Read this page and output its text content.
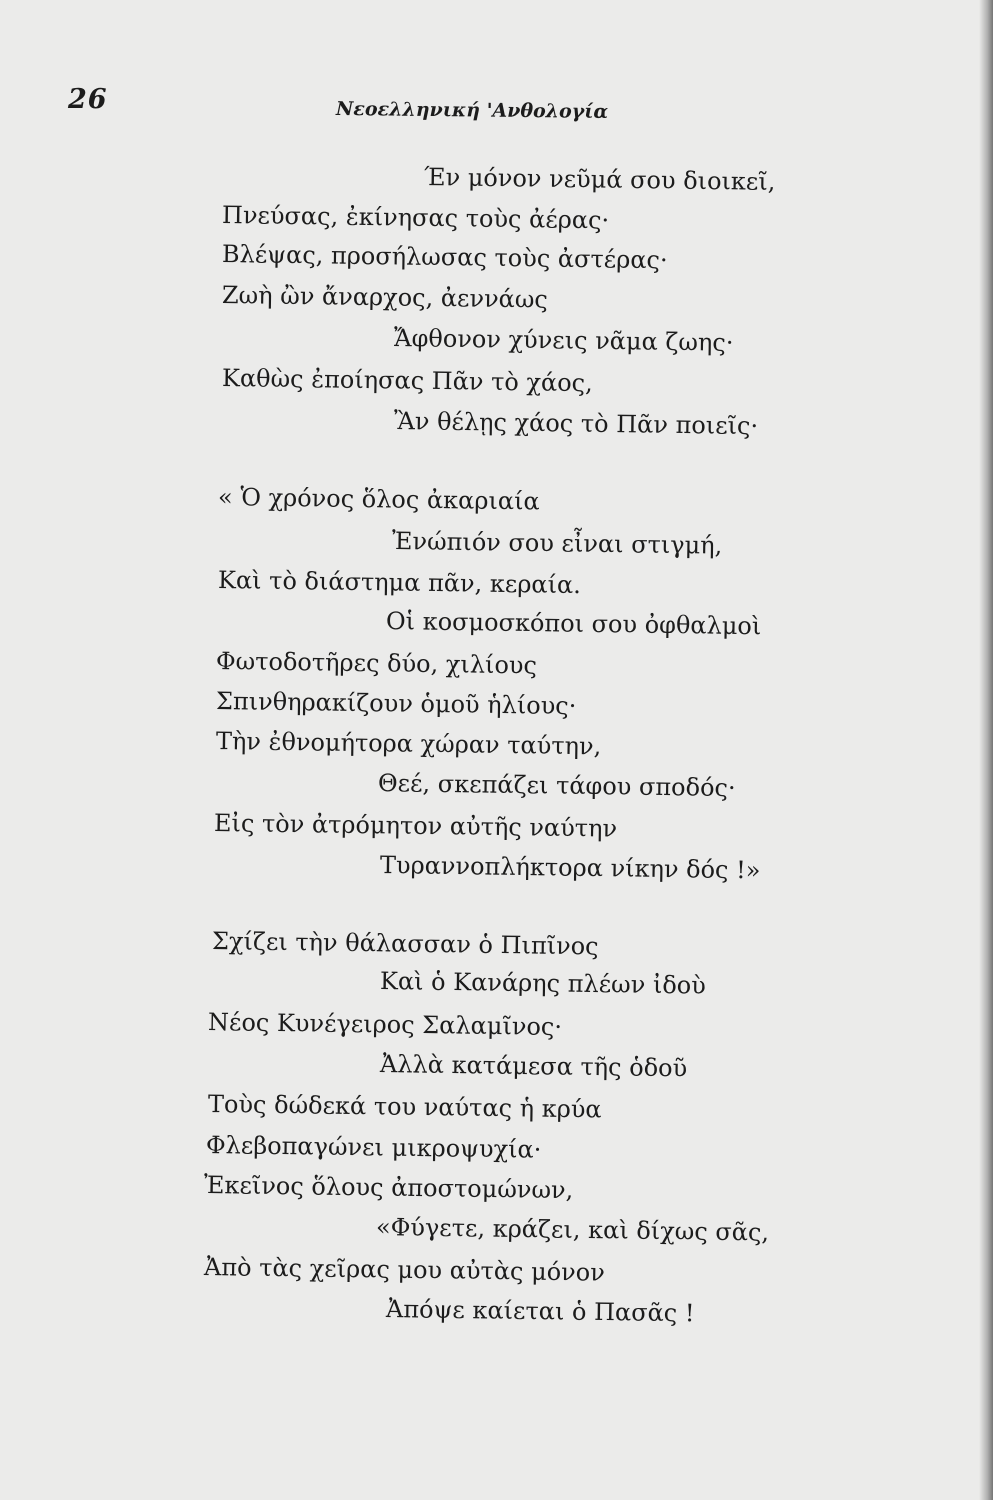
26	Νεοελληνική 'Ανθολογία
Έν μόνον νεῦμά σου διοικεῖ,
Πνεύσας, ἐκίνησας τοὺς ἀέρας·
Βλέψας, προσήλωσας τοὺς ἀστέρας·
Ζωὴ ὢν ἄναρχος, ἀεννάως
Ἄφθονον χύνεις νᾶμα ζωης·
Καθὼς ἐποίησας Πᾶν τὸ χάος,
Ἂν θέλῃς χάος τὸ Πᾶν ποιεῖς·
« Ὁ χρόνος ὅλος ἀκαριαία
Ἐνώπιόν σου εἶναι στιγμή,
Καὶ τὸ διάστημα πᾶν, κεραία.
Οἱ κοσμοσκόποι σου ὀφθαλμοὶ
Φωτοδοτῆρες δύο, χιλίους
Σπινθηρακίζουν ὁμοῦ ἡλίους·
Τὴν ἐθνομήτορα χώραν ταύτην,
Θεέ, σκεπάζει τάφου σποδός·
Εἰς τὸν ἀτρόμητον αὐτῆς ναύτην
Τυραννοπλήκτορα νίκην δός !»
Σχίζει τὴν θάλασσαν ὁ Πιπῖνος
Καὶ ὁ Κανάρης πλέων ἰδοὺ
Νέος Κυνέγειρος Σαλαμῖνος·
Ἀλλὰ κατάμεσα τῆς ὁδοῦ
Τοὺς δώδεκά του ναύτας ἡ κρύα
Φλεβοπαγώνει μικροψυχία·
Ἐκεῖνος ὅλους ἀποστομώνων,
«Φύγετε, κράζει, καὶ δίχως σᾶς,
Ἀπὸ τὰς χεῖρας μου αὐτὰς μόνον
Ἀπόψε καίεται ὁ Πασᾶς !
